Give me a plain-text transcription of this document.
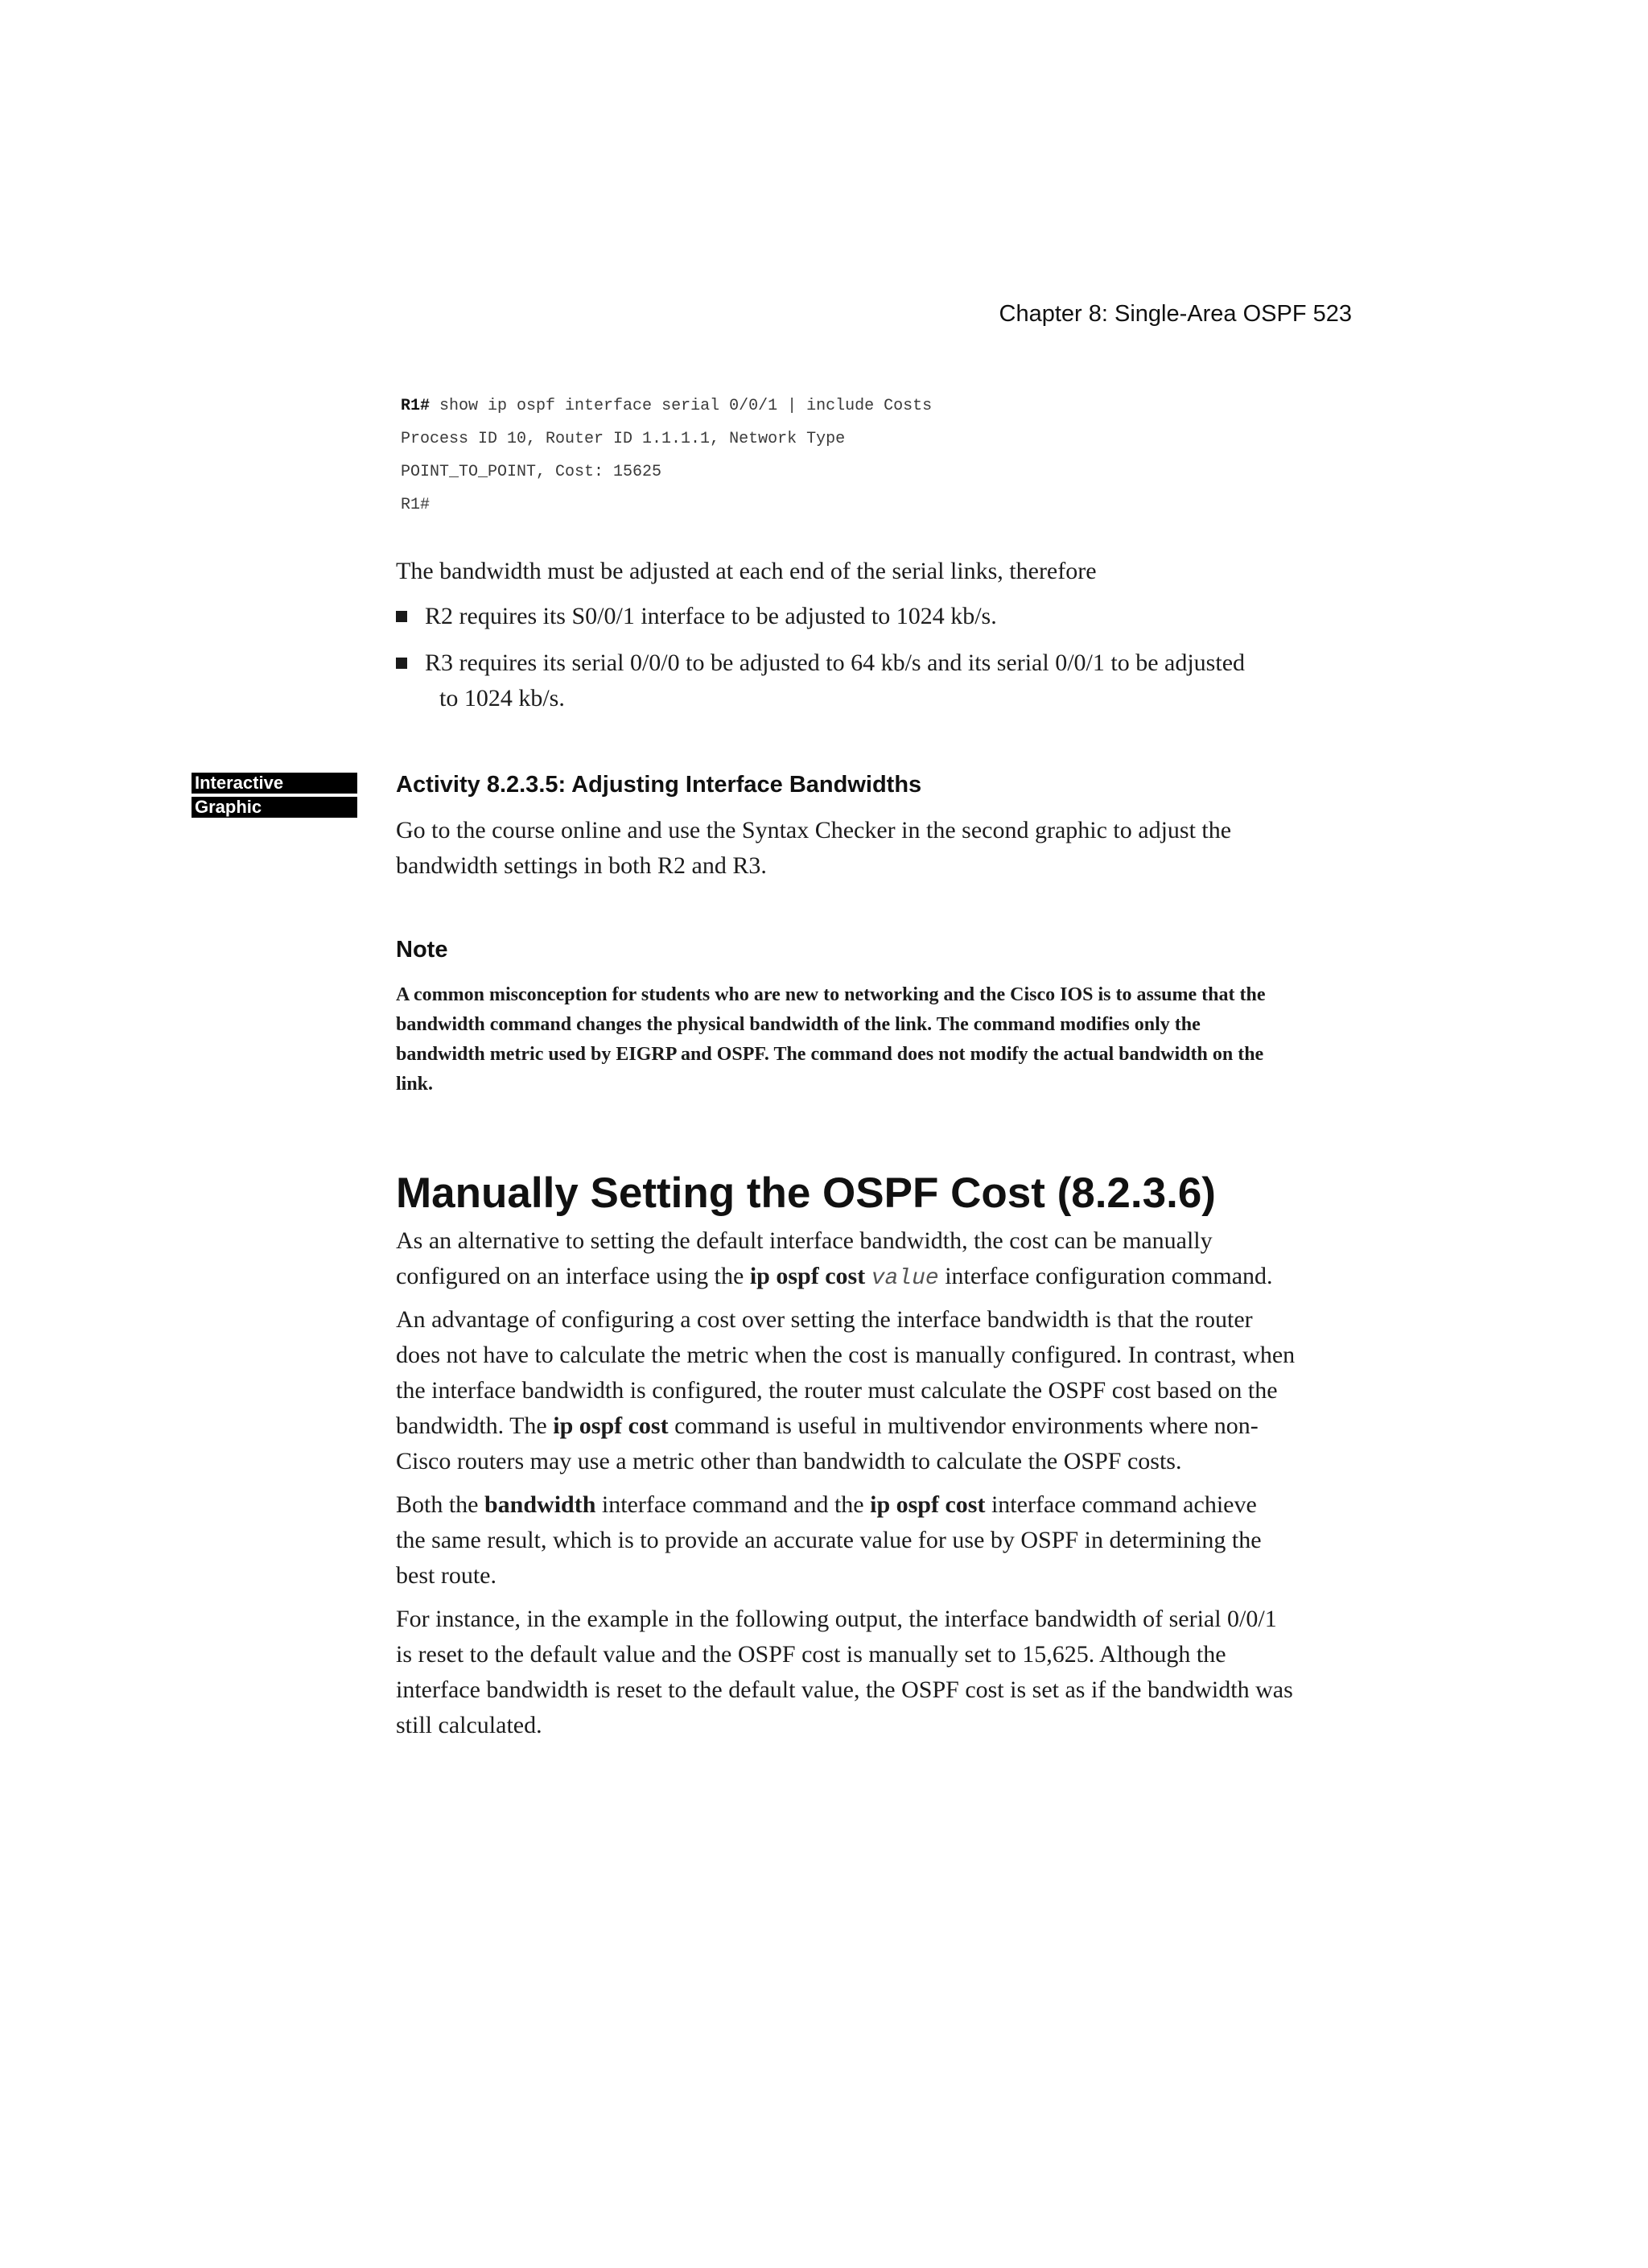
Chapter 8: Single-Area OSPF 523
R1# show ip ospf interface serial 0/0/1 | include Costs
Process ID 10, Router ID 1.1.1.1, Network Type
POINT_TO_POINT, Cost: 15625
R1#
The bandwidth must be adjusted at each end of the serial links, therefore
R2 requires its S0/0/1 interface to be adjusted to 1024 kb/s.
R3 requires its serial 0/0/0 to be adjusted to 64 kb/s and its serial 0/0/1 to be adjusted
to 1024 kb/s.
Interactive
Graphic
Activity 8.2.3.5: Adjusting Interface Bandwidths
Go to the course online and use the Syntax Checker in the second graphic to adjust the
bandwidth settings in both R2 and R3.
Note
A common misconception for students who are new to networking and the Cisco IOS is to assume that the
bandwidth command changes the physical bandwidth of the link. The command modifies only the
bandwidth metric used by EIGRP and OSPF. The command does not modify the actual bandwidth on the
link.
Manually Setting the OSPF Cost (8.2.3.6)
As an alternative to setting the default interface bandwidth, the cost can be manually
configured on an interface using the ip ospf cost value interface configuration command.
An advantage of configuring a cost over setting the interface bandwidth is that the router
does not have to calculate the metric when the cost is manually configured. In contrast, when
the interface bandwidth is configured, the router must calculate the OSPF cost based on the
bandwidth. The ip ospf cost command is useful in multivendor environments where non-
Cisco routers may use a metric other than bandwidth to calculate the OSPF costs.
Both the bandwidth interface command and the ip ospf cost interface command achieve
the same result, which is to provide an accurate value for use by OSPF in determining the
best route.
For instance, in the example in the following output, the interface bandwidth of serial 0/0/1
is reset to the default value and the OSPF cost is manually set to 15,625. Although the
interface bandwidth is reset to the default value, the OSPF cost is set as if the bandwidth was
still calculated.
